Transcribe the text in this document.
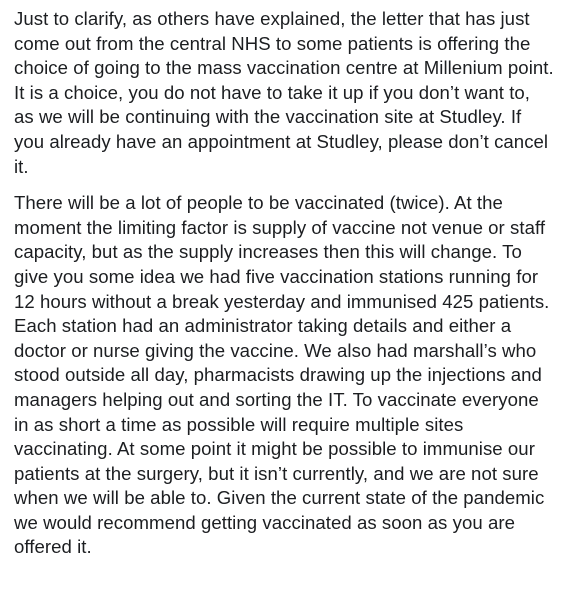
Just to clarify, as others have explained, the letter that has just come out from the central NHS to some patients is offering the choice of going to the mass vaccination centre at Millenium point. It is a choice, you do not have to take it up if you don’t want to, as we will be continuing with the vaccination site at Studley. If you already have an appointment at Studley, please don’t cancel it.

There will be a lot of people to be vaccinated (twice). At the moment the limiting factor is supply of vaccine not venue or staff capacity, but as the supply increases then this will change. To give you some idea we had five vaccination stations running for 12 hours without a break yesterday and immunised 425 patients. Each station had an administrator taking details and either a doctor or nurse giving the vaccine. We also had marshall’s who stood outside all day, pharmacists drawing up the injections and managers helping out and sorting the IT. To vaccinate everyone in as short a time as possible will require multiple sites vaccinating. At some point it might be possible to immunise our patients at the surgery, but it isn’t currently, and we are not sure when we will be able to. Given the current state of the pandemic we would recommend getting vaccinated as soon as you are offered it.
